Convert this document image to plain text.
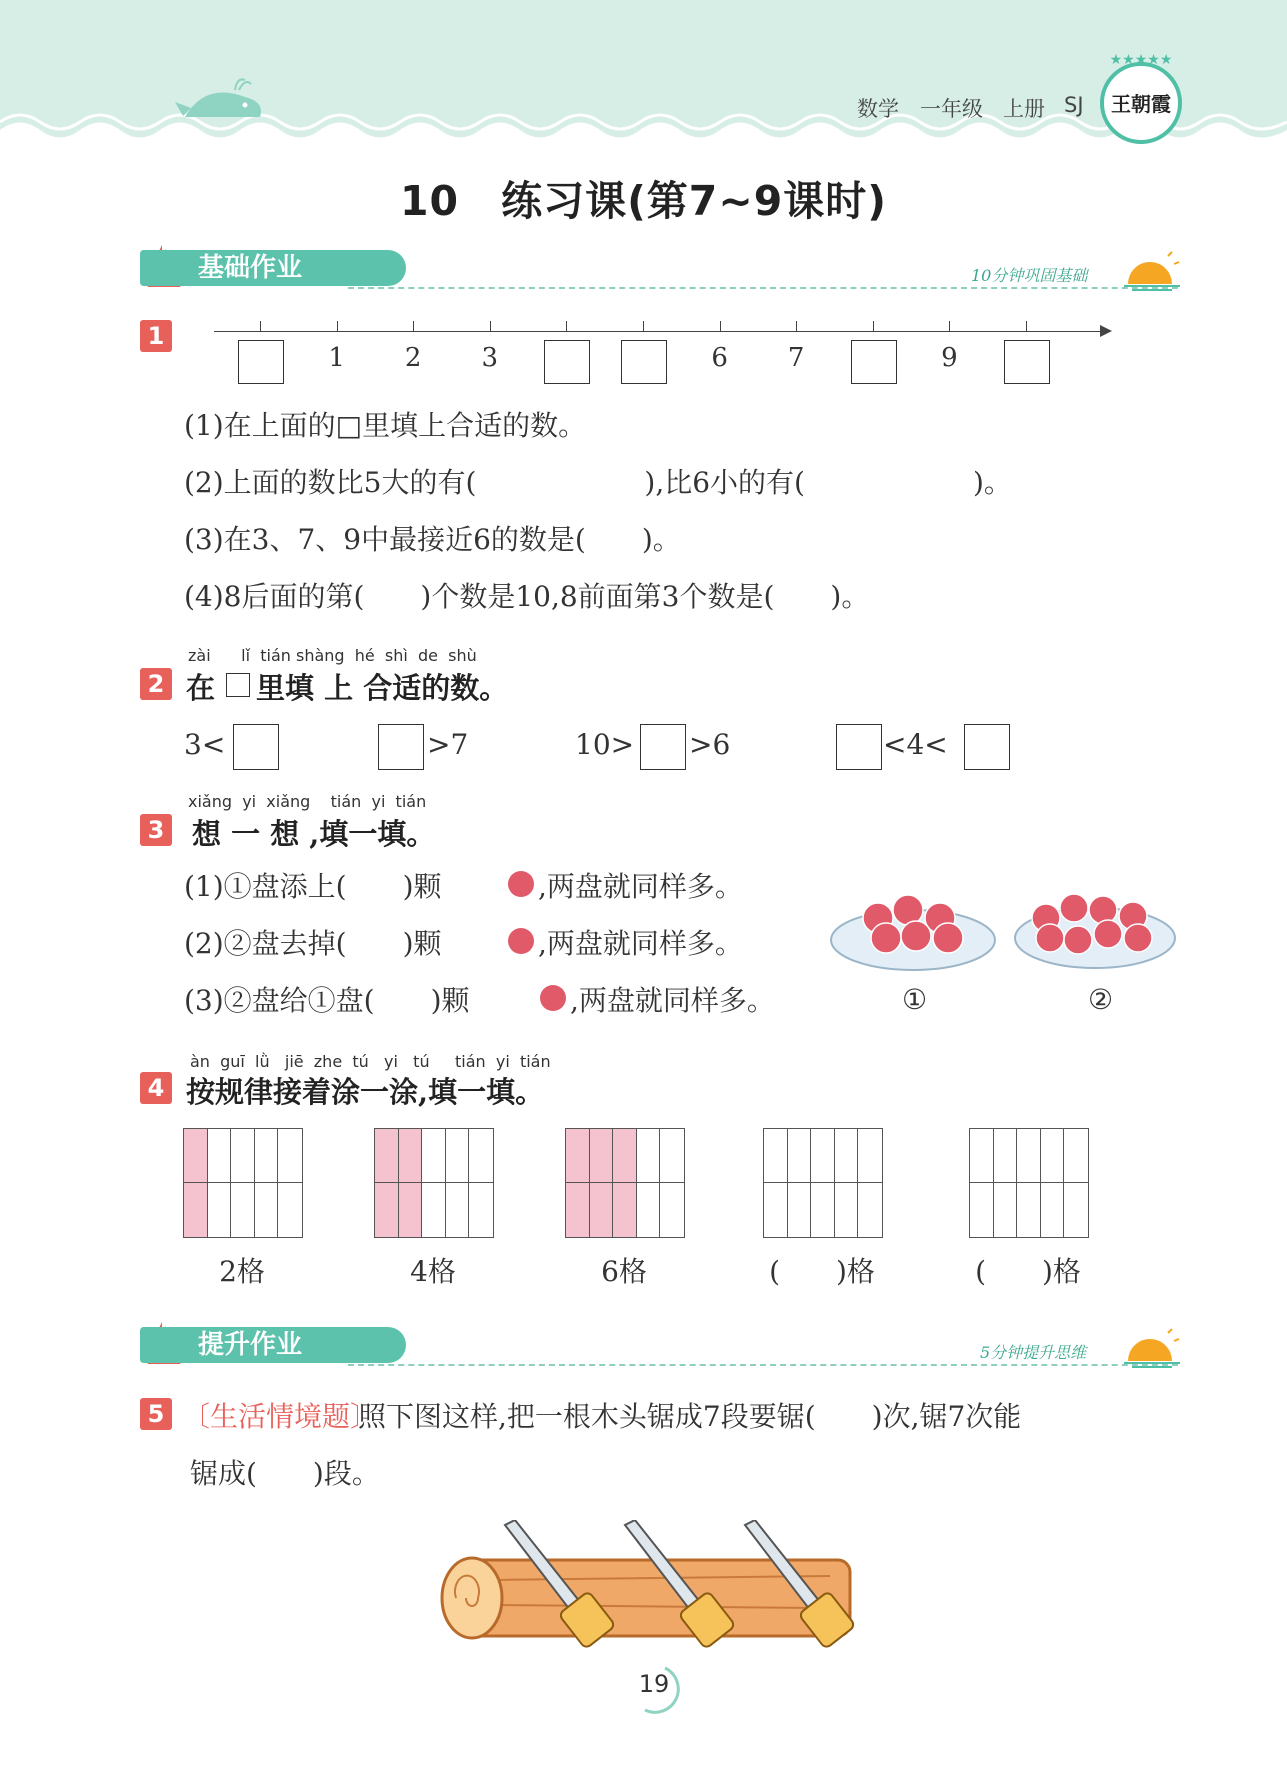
数学 一年级 上册 SJ
★★★★★
王朝霞
10　练习课(第7~9课时)
基础作业	10分钟巩固基础
1
1	2	3	6	7	9
(1)在上面的□里填上合适的数。
(2)上面的数比5大的有(　　　　　　),比6小的有(　　　　　　)。
(3)在3、7、9中最接近6的数是(　　)。
(4)8后面的第(　　)个数是10,8前面第3个数是(　　)。
zài      lǐ  tián shàng  hé  shì  de  shù
2 在 里填 上 合适的数。
3<	>7	10> >6	<4<
xiǎng  yi  xiǎng    tián  yi  tián
3 想 一 想 ,填一填。
(1)①盘添上(　　)颗	,两盘就同样多。
(2)②盘去掉(　　)颗	,两盘就同样多。
(3)②盘给①盘(　　)颗	,两盘就同样多。	①	②
àn  guī  lǜ   jiē  zhe  tú   yi   tú     tián  yi  tián
4 按规律接着涂一涂,填一填。
2格	4格	6格	(　　)格	(　　)格
提升作业	5分钟提升思维
5 〔生活情境题〕
照下图这样,把一根木头锯成7段要锯(　　)次,锯7次能
锯成(　　)段。
19
